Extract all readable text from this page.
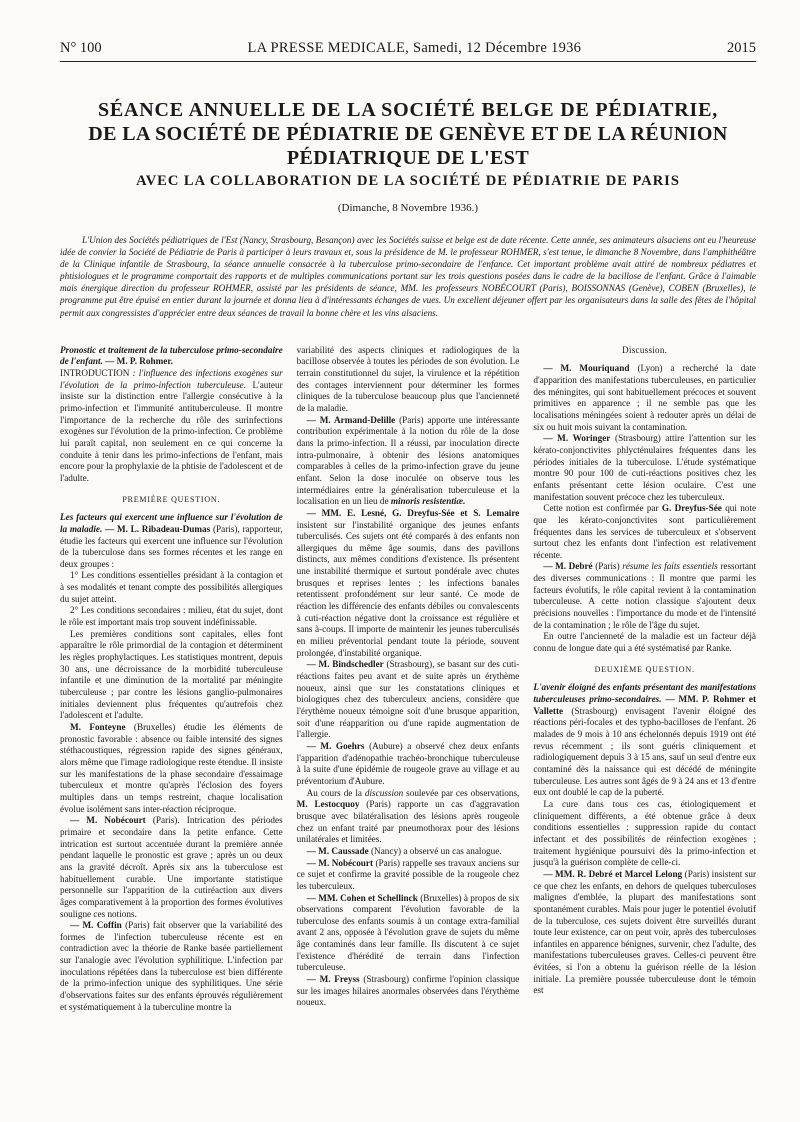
N° 100	LA PRESSE MEDICALE, Samedi, 12 Décembre 1936	2015
SÉANCE ANNUELLE DE LA SOCIÉTÉ BELGE DE PÉDIATRIE,
DE LA SOCIÉTÉ DE PÉDIATRIE DE GENÈVE ET DE LA RÉUNION PÉDIATRIQUE DE L'EST
AVEC LA COLLABORATION DE LA SOCIÉTÉ DE PÉDIATRIE DE PARIS
(Dimanche, 8 Novembre 1936.)

L'Union des Sociétés pédiatriques de l'Est (Nancy, Strasbourg, Besançon) avec les Sociétés suisse et belge est de date récente. Cette année, ses animateurs alsaciens ont eu l'heureuse idée de convier la Société de Pédiatrie de Paris à participer à leurs travaux et, sous la présidence de M. le professeur ROHMER, s'est tenue, le dimanche 8 Novembre, dans l'amphithéâtre de la Clinique infantile de Strasbourg, la séance annuelle consacrée à la tuberculose primo-secondaire de l'enfance. Cet important problème avait attiré de nombreux pédiatres et phtisiologues et le programme comportait des rapports et de multiples communications portant sur les trois questions posées dans le cadre de la bacillose de l'enfant. Grâce à l'aimable mais énergique direction du professeur ROHMER, assisté par les présidents de séance, MM. les professeurs NOBÉCOURT (Paris), BOISSONNAS (Genève), COBEN (Bruxelles), le programme put être épuisé en entier durant la journée et donna lieu à d'intéressants échanges de vues. Un excellent déjeuner offert par les organisateurs dans la salle des fêtes de l'hôpital permit aux congressistes d'apprécier entre deux séances de travail la bonne chère et les vins alsaciens.

Pronostic et traitement de la tuberculose primo-secondaire de l'enfant. — M. P. Rohmer.
INTRODUCTION : l'influence des infections exogènes sur l'évolution de la primo-infection tuberculeuse. L'auteur insiste sur la distinction entre l'allergie consécutive à la primo-infection et l'immunité antituberculeuse. Il montre l'importance de la recherche du rôle des surinfections exogènes sur l'évolution de la primo-infection. Ce problème lui paraît capital, non seulement en ce qui concerne la conduite à tenir dans les primo-infections de l'enfant, mais encore pour la prophylaxie de la phtisie de l'adolescent et de l'adulte.

PREMIÈRE QUESTION.

Les facteurs qui exercent une influence sur l'évolution de la maladie. — M. L. Ribadeau-Dumas (Paris), rapporteur, étudie les facteurs qui exercent une influence sur l'évolution de la tuberculose dans ses formes récentes et les range en deux groupes :

1° Les conditions essentielles présidant à la contagion et à ses modalités et tenant compte des possibilités allergiques du sujet atteint.

2° Les conditions secondaires : milieu, état du sujet, dont le rôle est important mais trop souvent indéfinissable.

Les premières conditions sont capitales, elles font apparaître le rôle primordial de la contagion et déterminent les règles prophylactiques. Les statistiques montrent, depuis 30 ans, une décroissance de la morbidité tuberculeuse infantile et une diminution de la mortalité par méningite tuberculeuse ; par contre les lésions ganglio-pulmonaires initiales deviennent plus fréquentes qu'autrefois chez l'adolescent et l'adulte.

M. Fonteyne (Bruxelles) étudie les éléments de pronostic favorable : absence ou faible intensité des signes stéthacoustiques, régression rapide des signes généraux, alors même que l'image radiologique reste étendue. Il insiste sur les manifestations de la phase secondaire d'essaimage tuberculeux et montre qu'après l'éclosion des foyers multiples dans un temps restreint, chaque localisation évolue isolément sans inter-réaction réciproque.

— M. Nobécourt (Paris). Intrication des périodes primaire et secondaire dans la petite enfance. Cette intrication est surtout accentuée durant la première année pendant laquelle le pronostic est grave ; après un ou deux ans la gravité décroît. Après six ans la tuberculose est habituellement curable. Une importante statistique personnelle sur l'apparition de la cutiréaction aux divers âges comparativement à la proportion des formes évolutives souligne ces notions.

— M. Coffin (Paris) fait observer que la variabilité des formes de l'infection tuberculeuse récente est en contradiction avec la théorie de Ranke basée partiellement sur l'analogie avec l'évolution syphilitique. L'infection par inoculations répétées dans la tuberculose est bien différente de la primo-infection unique des syphilitiques. Une série d'observations faites sur des enfants éprouvés régulièrement et systématiquement à la tuberculine montre la

variabilité des aspects cliniques et radiologiques de la bacillose observée à toutes les périodes de son évolution. Le terrain constitutionnel du sujet, la virulence et la répétition des contages interviennent pour déterminer les formes cliniques de la tuberculose beaucoup plus que l'ancienneté de la maladie.

— M. Armand-Delille (Paris) apporte une intéressante contribution expérimentale à la notion du rôle de la dose dans la primo-infection. Il a réussi, par inoculation directe intra-pulmonaire, à obtenir des lésions anatomiques comparables à celles de la primo-infection grave du jeune enfant. Selon la dose inoculée on observe tous les intermédiaires entre la généralisation tuberculeuse et la localisation en un lieu de minoris resistentiæ.

— MM. E. Lesné, G. Dreyfus-Sée et S. Lemaire insistent sur l'instabilité organique des jeunes enfants tuberculisés. Ces sujets ont été comparés à des enfants non allergiques du même âge soumis, dans des pavillons distincts, aux mêmes conditions d'existence. Ils présentent une instabilité thermique et surtout pondérale avec chutes brusques et reprises lentes ; les infections banales retentissent profondément sur leur santé. Ce mode de réaction les différencie des enfants débiles ou convalescents à cuti-réaction négative dont la croissance est régulière et sans à-coups. Il importe de maintenir les jeunes tuberculisés en milieu préventorial pendant toute la période, souvent prolongée, d'instabilité organique.

— M. Bindschedler (Strasbourg), se basant sur des cuti-réactions faites peu avant et de suite après un érythème noueux, ainsi que sur les constatations cliniques et biologiques chez des tuberculeux anciens, considère que l'érythème noueux témoigne soit d'une brusque apparition, soit d'une réapparition ou d'une rapide augmentation de l'allergie.

— M. Goehrs (Aubure) a observé chez deux enfants l'apparition d'adénopathie trachéo-bronchique tuberculeuse à la suite d'une épidémie de rougeole grave au village et au préventorium d'Aubure.

Au cours de la discussion soulevée par ces observations, M. Lestocquoy (Paris) rapporte un cas d'aggravation brusque avec bilatéralisation des lésions après rougeole chez un enfant traité par pneumothorax pour des lésions unilatérales et limitées.

— M. Caussade (Nancy) a observé un cas analogue.

— M. Nobécourt (Paris) rappelle ses travaux anciens sur ce sujet et confirme la gravité possible de la rougeole chez les tuberculeux.

— MM. Cohen et Schellinck (Bruxelles) à propos de six observations comparent l'évolution favorable de la tuberculose des enfants soumis à un contage extra-familial avant 2 ans, opposée à l'évolution grave de sujets du même âge contaminés dans leur famille. Ils discutent à ce sujet l'existence d'hérédité de terrain dans l'infection tuberculeuse.

— M. Freyss (Strasbourg) confirme l'opinion classique sur les images hilaires anormales observées dans l'érythème noueux.

Discussion.

— M. Mouriquand (Lyon) a recherché la date d'apparition des manifestations tuberculeuses, en particulier des méningites, qui sont habituellement précoces et souvent primitives en apparence ; il ne semble pas que les localisations méningées soient à redouter après un délai de six ou huit mois suivant la contamination.

— M. Woringer (Strasbourg) attire l'attention sur les kérato-conjonctivites phlycténulaires fréquentes dans les périodes initiales de la tuberculose. L'étude systématique montre 90 pour 100 de cuti-réactions positives chez les enfants présentant cette lésion oculaire. C'est une manifestation souvent précoce chez les tuberculeux.

Cette notion est confirmée par G. Dreyfus-Sée qui note que les kérato-conjonctivites sont particulièrement fréquentes dans les services de tuberculeux et s'observent surtout chez les enfants dont l'infection est relativement récente.

— M. Debré (Paris) résume les faits essentiels ressortant des diverses communications : Il montre que parmi les facteurs évolutifs, le rôle capital revient à la contamination tuberculeuse. A cette notion classique s'ajoutent deux précisions nouvelles : l'importance du mode et de l'intensité de la contamination ; le rôle de l'âge du sujet.

En outre l'ancienneté de la maladie est un facteur déjà connu de longue date qui a été systématisé par Ranke.

DEUXIÈME QUESTION.

L'avenir éloigné des enfants présentant des manifestations tuberculeuses primo-secondaires. — MM. P. Rohmer et Vallette (Strasbourg) envisagent l'avenir éloigné des réactions péri-focales et des typho-bacilloses de l'enfant. 26 malades de 9 mois à 10 ans échelonnés depuis 1919 ont été revus récemment ; ils sont guéris cliniquement et radiologiquement depuis 3 à 15 ans, sauf un seul d'entre eux contaminé dès la naissance qui est décédé de méningite tuberculeuse. Les autres sont âgés de 9 à 24 ans et 13 d'entre eux ont doublé le cap de la puberté.

La cure dans tous ces cas, étiologiquement et cliniquement différents, a été obtenue grâce à deux conditions essentielles : suppression rapide du contact infectant et des possibilités de réinfection exogènes ; traitement hygiénique poursuivi dès la primo-infection et jusqu'à la guérison complète de celle-ci.

— MM. R. Debré et Marcel Lelong (Paris) insistent sur ce que chez les enfants, en dehors de quelques tuberculoses malignes d'emblée, la plupart des manifestations sont spontanément curables. Mais pour juger le potentiel évolutif de la tuberculose, ces sujets doivent être surveillés durant toute leur existence, car on peut voir, après des tuberculoses infantiles en apparence bénignes, survenir, chez l'adulte, des manifestations tuberculeuses graves. Celles-ci peuvent être évitées, si l'on a obtenu la guérison réelle de la lésion initiale. La première poussée tuberculeuse dont le témoin est
